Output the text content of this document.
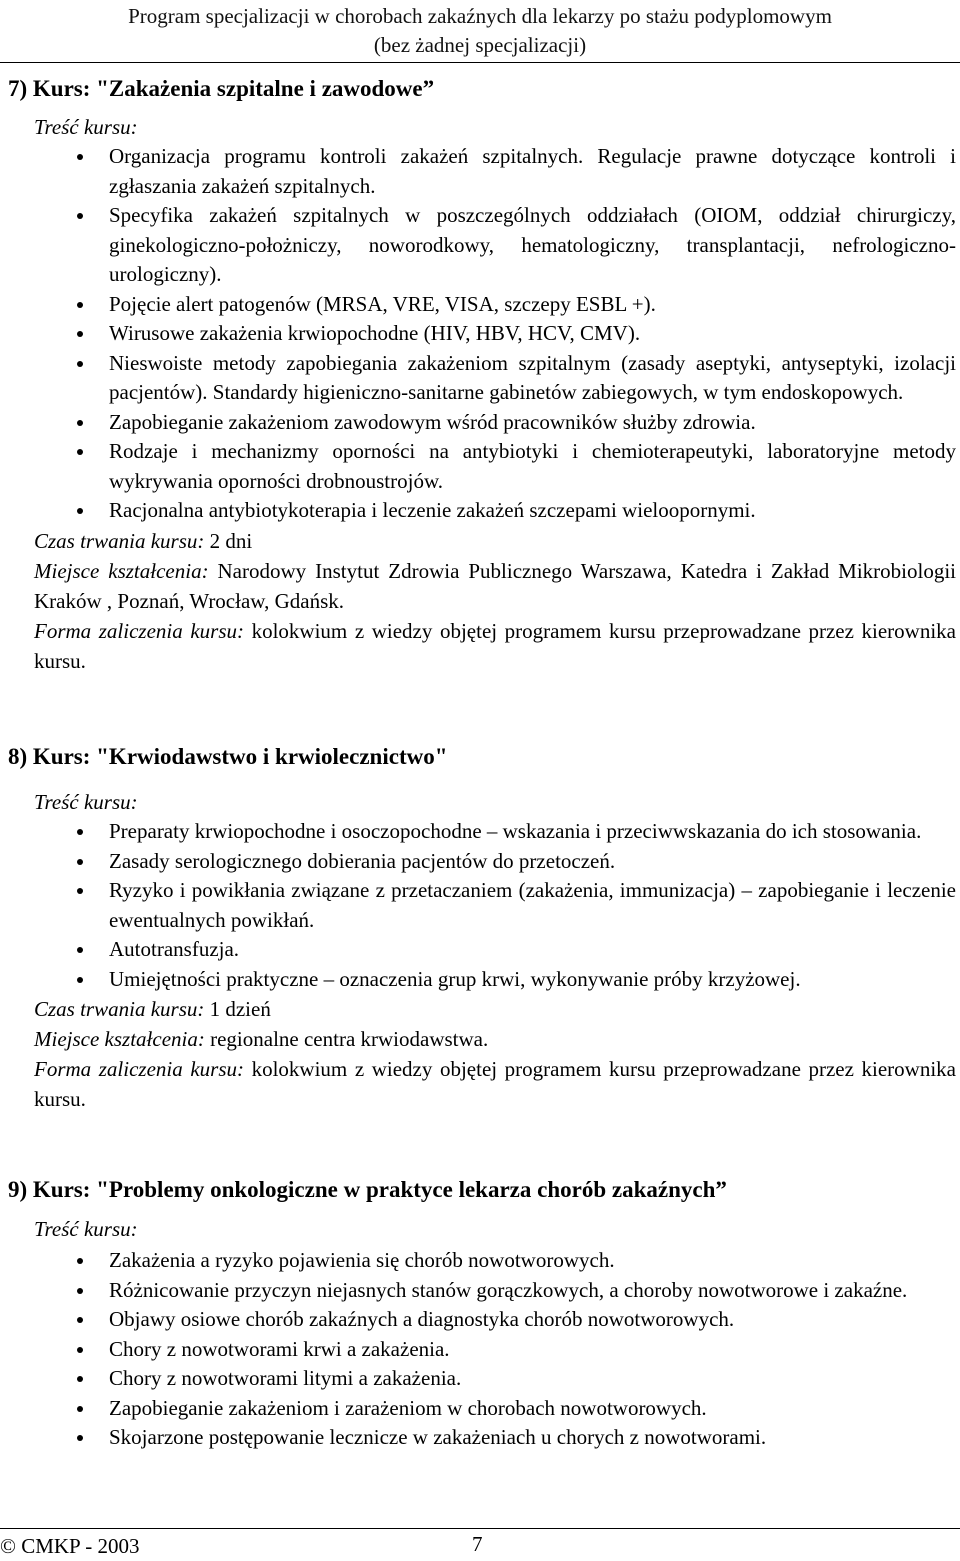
Program specjalizacji w chorobach zakaźnych dla lekarzy po stażu podyplomowym
(bez żadnej specjalizacji)
7) Kurs: "Zakażenia szpitalne i zawodowe”
Treść kursu:
Organizacja programu kontroli zakażeń szpitalnych. Regulacje prawne dotyczące kontroli i zgłaszania zakażeń szpitalnych.
Specyfika zakażeń szpitalnych w poszczególnych oddziałach (OIOM, oddział chirurgiczy, ginekologiczno-położniczy, noworodkowy, hematologiczny, transplantacji, nefrologiczno-urologiczny).
Pojęcie alert patogenów (MRSA, VRE, VISA, szczepy ESBL +).
Wirusowe zakażenia krwiopochodne (HIV, HBV, HCV, CMV).
Nieswoiste metody zapobiegania zakażeniom szpitalnym (zasady aseptyki, antyseptyki, izolacji pacjentów). Standardy higieniczno-sanitarne gabinetów zabiegowych, w tym endoskopowych.
Zapobieganie zakażeniom zawodowym wśród pracowników służby zdrowia.
Rodzaje i mechanizmy oporności na antybiotyki i chemioterapeutyki, laboratoryjne metody wykrywania oporności drobnoustrojów.
Racjonalna antybiotykoterapia i leczenie zakażeń szczepami wieloopornymi.
Czas trwania kursu: 2 dni
Miejsce kształcenia: Narodowy Instytut Zdrowia Publicznego Warszawa, Katedra i Zakład Mikrobiologii Kraków , Poznań, Wrocław, Gdańsk.
Forma zaliczenia kursu: kolokwium z wiedzy objętej programem kursu przeprowadzane przez kierownika kursu.
8) Kurs: "Krwiodawstwo i krwiolecznictwo"
Treść kursu:
Preparaty krwiopochodne i osoczopochodne – wskazania i przeciwwskazania do ich stosowania.
Zasady serologicznego dobierania pacjentów do przetoczeń.
Ryzyko i powikłania związane z przetaczaniem (zakażenia, immunizacja) – zapobieganie i leczenie ewentualnych powikłań.
Autotransfuzja.
Umiejętności praktyczne – oznaczenia grup krwi, wykonywanie próby krzyżowej.
Czas trwania kursu: 1 dzień
Miejsce kształcenia: regionalne centra krwiodawstwa.
Forma zaliczenia kursu: kolokwium z wiedzy objętej programem kursu przeprowadzane przez kierownika kursu.
9) Kurs: "Problemy onkologiczne w praktyce lekarza chorób zakaźnych”
Treść kursu:
Zakażenia a ryzyko pojawienia się chorób nowotworowych.
Różnicowanie przyczyn niejasnych stanów gorączkowych, a choroby nowotworowe i zakaźne.
Objawy osiowe chorób zakaźnych a diagnostyka chorób nowotworowych.
Chory z nowotworami krwi a zakażenia.
Chory z nowotworami litymi a zakażenia.
Zapobieganie zakażeniom i zarażeniom w chorobach nowotworowych.
Skojarzone postępowanie lecznicze w zakażeniach u chorych z nowotworami.
© CMKP - 2003	7
